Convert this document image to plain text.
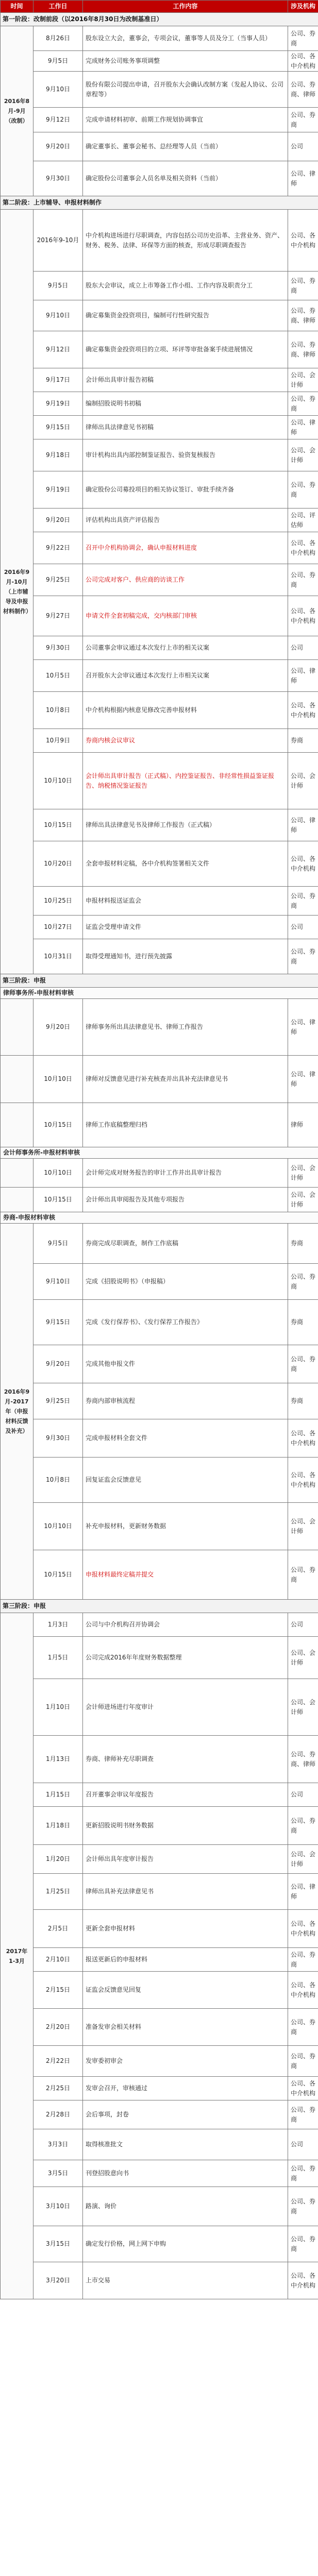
时间	工作日	工作内容	涉及机构
第一阶段：改制前段（以2016年8月30日为改制基准日）			
2016年8月-9月（改制）	8月26日	股东设立大会，董事会，专项会议，董事等人员及分工（当事人员）	公司、券商
	9月5日	完成财务公司账务事项调整	公司、各中介机构
	9月10日	股份有限公司提出申请，召开股东大会确认改制方案（发起人协议、公司章程等）	公司、券商、律师
	9月12日	完成申请材料初审、前期工作规划协调事宜	公司、券商
	9月20日	确定董事长、董事会秘书、总经理等人员（当前）	公司
	9月30日	确定股份公司董事会人员名单及相关资料（当前）	公司、律师
第二阶段：上市辅导、申报材料制作			
2016年9月-10月（上市辅导及申报材料制作）	2016年9-10月	中介机构进场进行尽职调查，内容包括公司历史沿革、主营业务、资产、财务、税务、法律、环保等方面的核查，形成尽职调查报告	公司、各中介机构
	9月5日	股东大会审议，成立上市筹备工作小组、工作内容及职责分工	公司、券商
	9月10日	确定募集资金投资项目，编制可行性研究报告	公司、券商、律师
	9月12日	确定募集资金投资项目的立项、环评等审批备案手续进展情况	公司、券商、律师
	9月17日	会计师出具审计报告初稿	公司、会计师
	9月19日	编制招股说明书初稿	公司、券商
	9月15日	律师出具法律意见书初稿	公司、律师
	9月18日	审计机构出具内部控制鉴证报告、验资复核报告	公司、会计师
	9月19日	确定股份公司募投项目的相关协议签订、审批手续齐备	公司、券商
	9月20日	评估机构出具资产评估报告	公司、评估师
	9月22日	召开中介机构协调会，确认申报材料进度	公司、各中介机构
	9月25日	公司完成对客户、供应商的访谈工作	公司、券商
	9月27日	申请文件全套初稿完成，交内核部门审核	公司、各中介机构
	9月30日	公司董事会审议通过本次发行上市的相关议案	公司
	10月5日	召开股东大会审议通过本次发行上市相关议案	公司、律师
	10月8日	中介机构根据内核意见修改完善申报材料	公司、各中介机构
	10月9日	券商内核会议审议	券商
	10月10日	会计师出具审计报告（正式稿）、内控鉴证报告、非经常性损益鉴证报告、纳税情况鉴证报告	公司、会计师
	10月15日	律师出具法律意见书及律师工作报告（正式稿）	公司、律师
	10月20日	全套申报材料定稿，各中介机构签署相关文件	公司、各中介机构
	10月25日	申报材料报送证监会	公司、券商
	10月27日	证监会受理申请文件	公司
	10月31日	取得受理通知书，进行预先披露	公司、券商
第三阶段：申报			
律师事务所-申报材料审核			
	9月20日	律师事务所出具法律意见书、律师工作报告	公司、律师
	10月10日	律师对反馈意见进行补充核查并出具补充法律意见书	公司、律师
	10月15日	律师工作底稿整理归档	律师
会计师事务所-申报材料审核			
	10月10日	会计师完成对财务报告的审计工作并出具审计报告	公司、会计师
	10月15日	会计师出具审阅报告及其他专项报告	公司、会计师
券商-申报材料审核			
2016年9月-2017年（申报材料反馈及补充）	9月5日	券商完成尽职调查，制作工作底稿	券商
	9月10日	完成《招股说明书》（申报稿）	公司、券商
	9月15日	完成《发行保荐书》、《发行保荐工作报告》	券商
	9月20日	完成其他申报文件	公司、券商
	9月25日	券商内部审核流程	券商
	9月30日	完成申报材料全套文件	公司、各中介机构
	10月8日	回复证监会反馈意见	公司、各中介机构
	10月10日	补充申报材料，更新财务数据	公司、会计师
	10月15日	申报材料最终定稿并提交	公司、券商
第三阶段：申报			
2017年1-3月	1月3日	公司与中介机构召开协调会	公司
	1月5日	公司完成2016年年度财务数据整理	公司、会计师
	1月10日	会计师进场进行年度审计	公司、会计师
	1月13日	券商、律师补充尽职调查	公司、券商、律师
	1月15日	召开董事会审议年度报告	公司
	1月18日	更新招股说明书财务数据	公司、券商
	1月20日	会计师出具年度审计报告	公司、会计师
	1月25日	律师出具补充法律意见书	公司、律师
	2月5日	更新全套申报材料	公司、各中介机构
	2月10日	报送更新后的申报材料	公司、券商
	2月15日	证监会反馈意见回复	公司、各中介机构
	2月20日	准备发审会相关材料	公司、券商
	2月22日	发审委初审会	公司、券商
	2月25日	发审会召开，审核通过	公司、各中介机构
	2月28日	会后事项，封卷	公司、券商
	3月3日	取得核准批文	公司
	3月5日	刊登招股意向书	公司、券商
	3月10日	路演、询价	公司、券商
	3月15日	确定发行价格，网上网下申购	公司、券商
	3月20日	上市交易	公司、各中介机构
